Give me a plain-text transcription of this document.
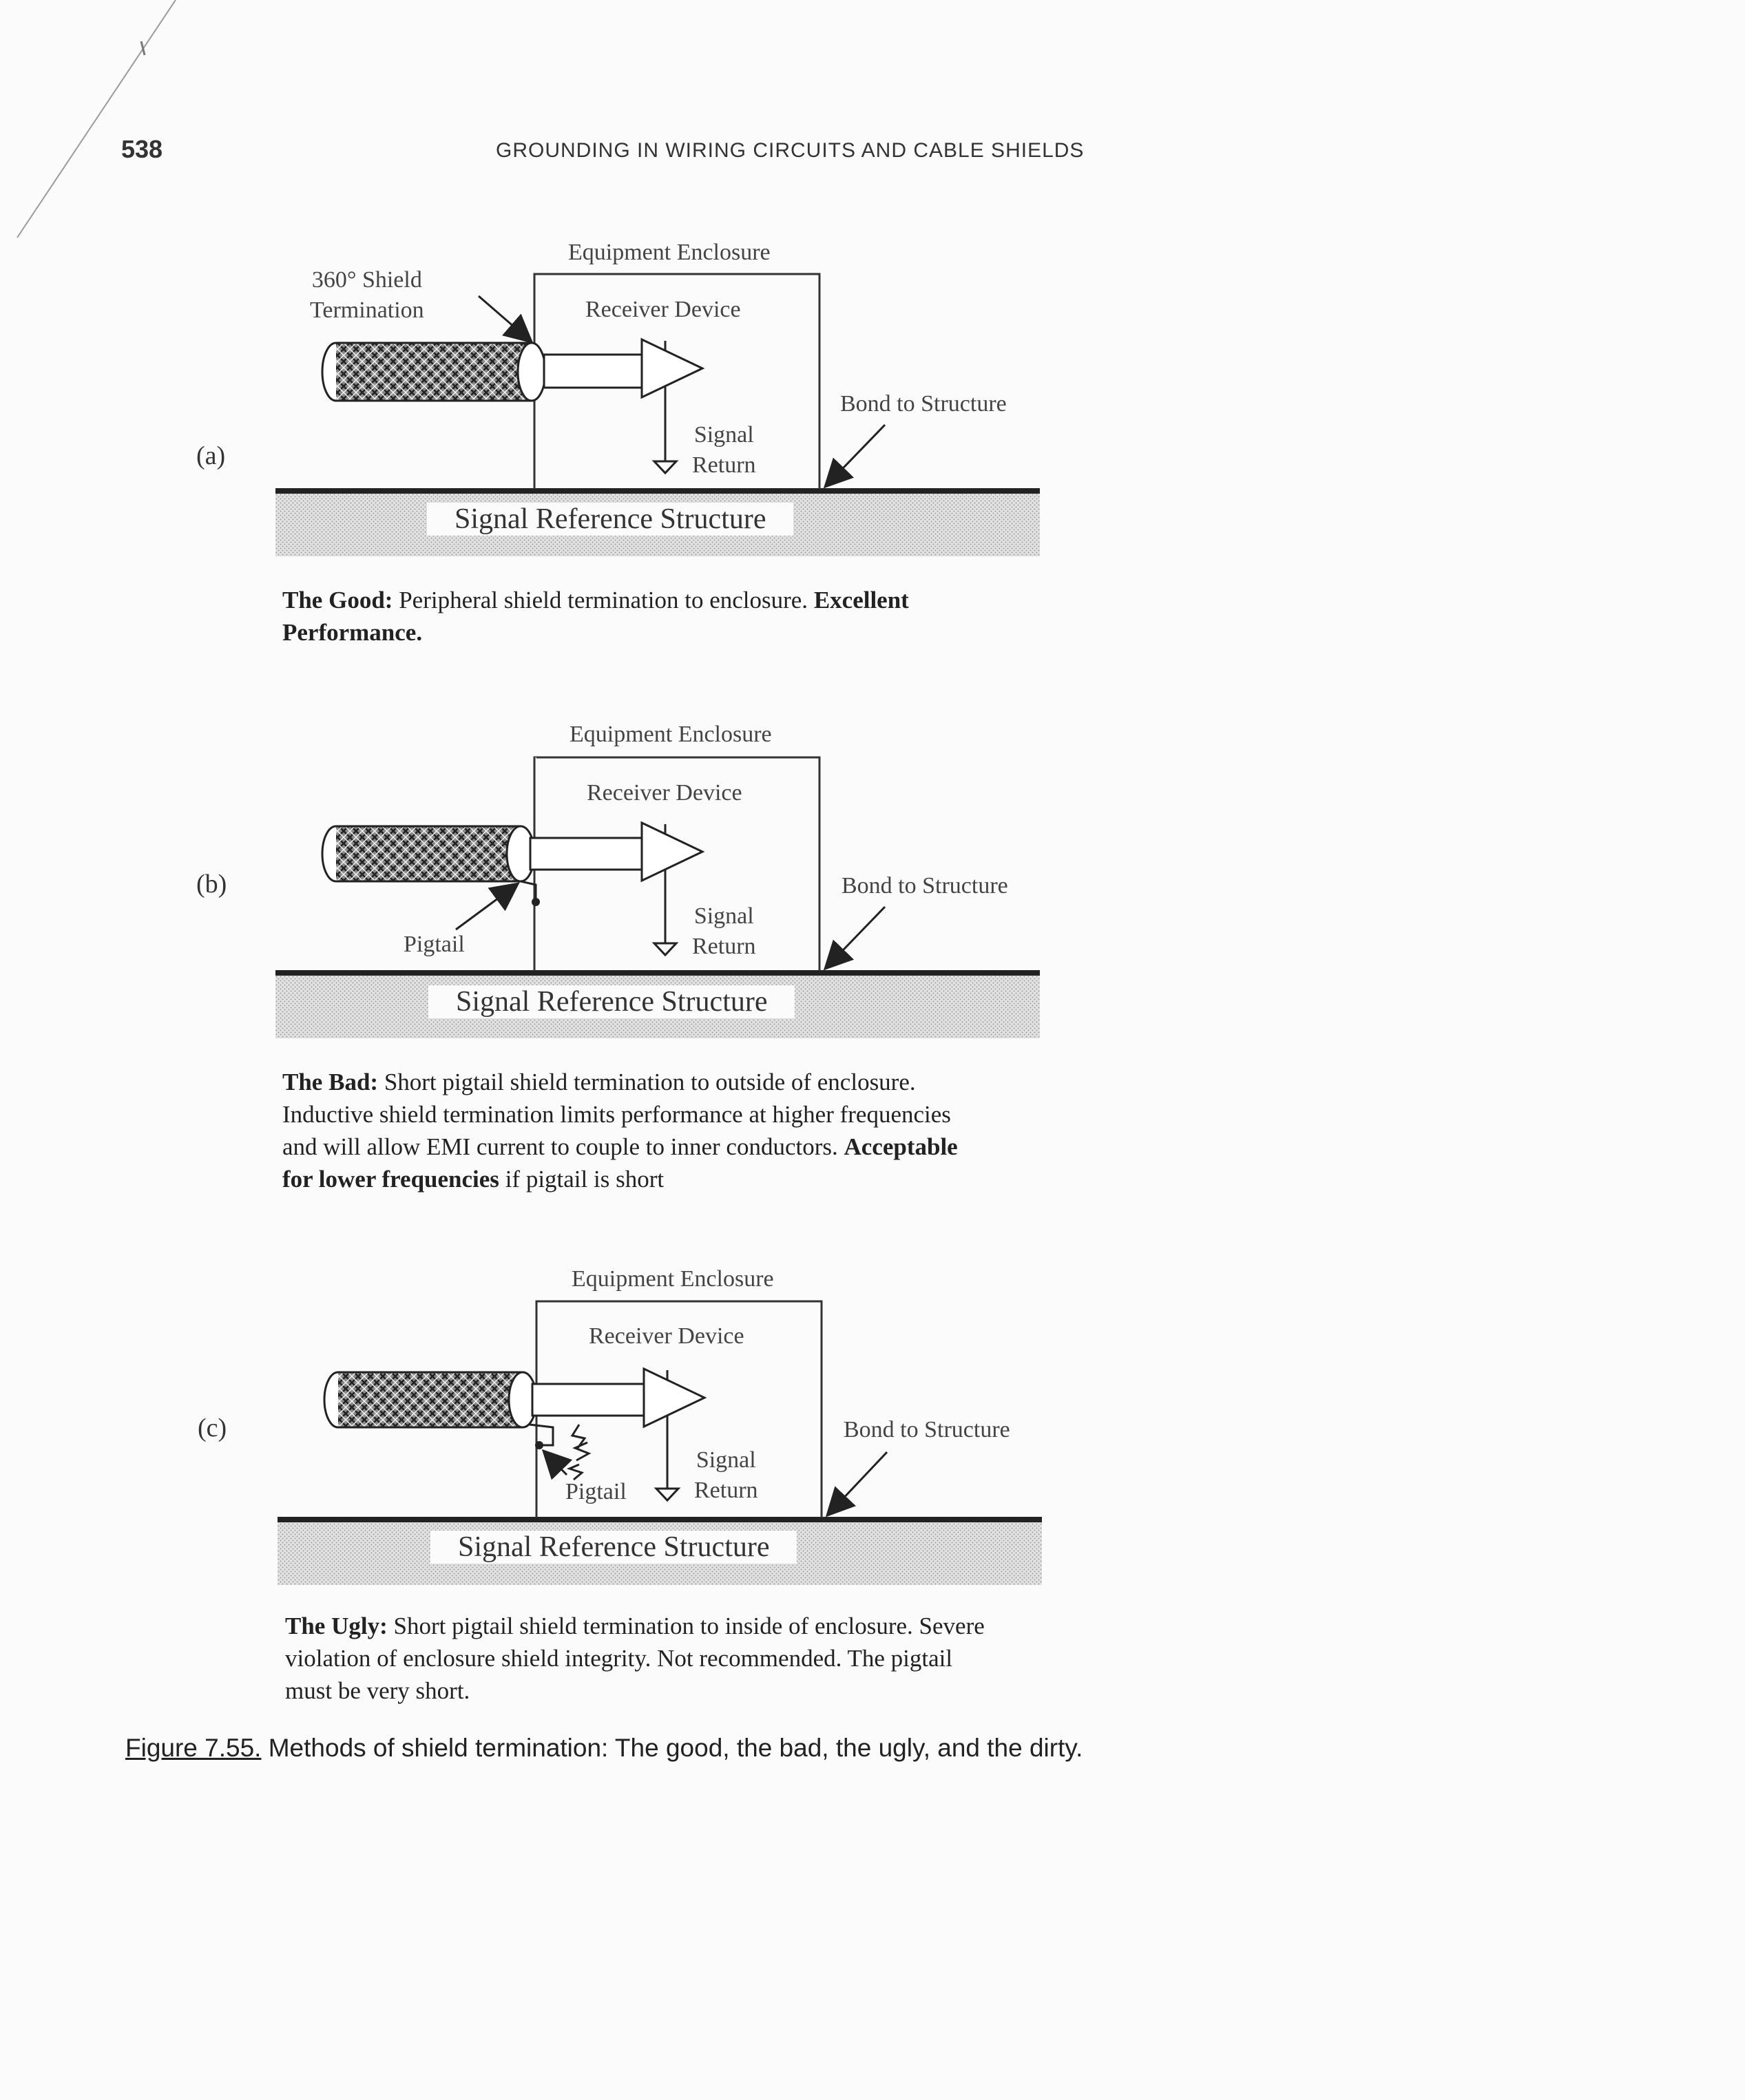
538	GROUNDING IN WIRING CIRCUITS AND CABLE SHIELDS
(a)
Equipment Enclosure
Receiver Device
360° Shield
Termination
Bond to Structure
Signal
Return
Signal Reference Structure
The Good: Peripheral shield termination to enclosure. Excellent
Performance.
(b)
Equipment Enclosure
Receiver Device
Pigtail
Bond to Structure
Signal
Return
Signal Reference Structure
The Bad: Short pigtail shield termination to outside of enclosure.
Inductive shield termination limits performance at higher frequencies
and will allow EMI current to couple to inner conductors. Acceptable
for lower frequencies if pigtail is short
(c)
Equipment Enclosure
Receiver Device
Pigtail
Bond to Structure
Signal
Return
Signal Reference Structure
The Ugly: Short pigtail shield termination to inside of enclosure. Severe
violation of enclosure shield integrity. Not recommended. The pigtail
must be very short.
Figure 7.55. Methods of shield termination: The good, the bad, the ugly, and the dirty.
